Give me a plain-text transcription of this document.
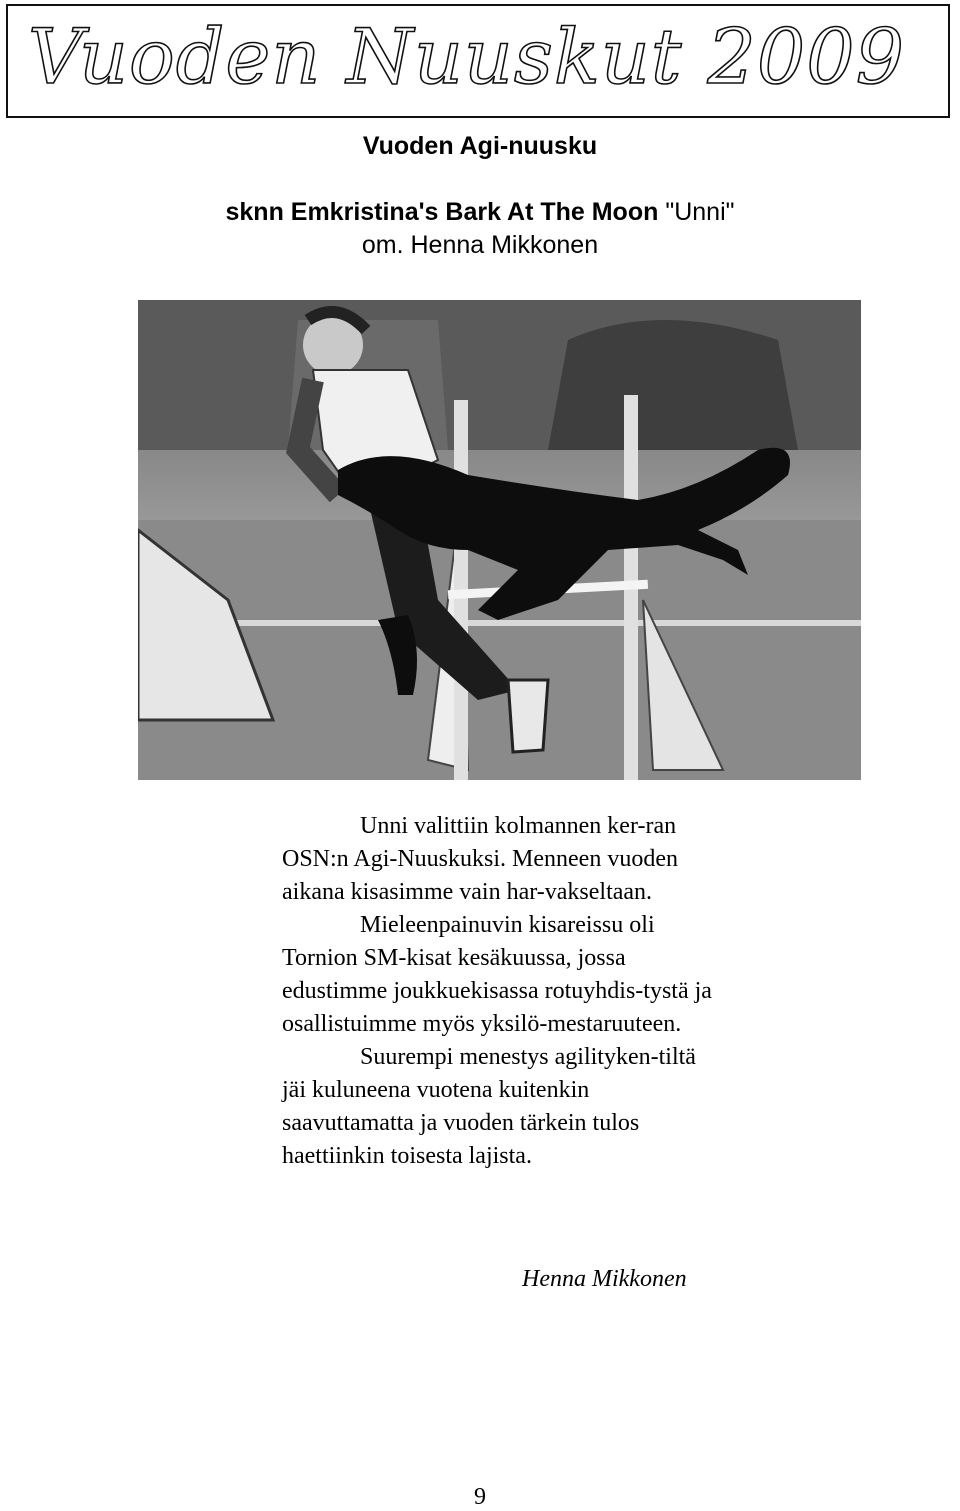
Vuoden Nuuskut 2009
Vuoden Agi-nuusku
sknn Emkristina's Bark At The Moon "Unni"
om. Henna Mikkonen

Unni valittiin kolmannen ker-ran OSN:n Agi-Nuuskuksi. Menneen vuoden aikana kisasimme vain har-vakseltaan.

Mieleenpainuvin kisareissu oli Tornion SM-kisat kesäkuussa, jossa edustimme joukkuekisassa rotuyhdis-tystä ja osallistuimme myös yksilö-mestaruuteen.

Suurempi menestys agilityken-tiltä jäi kuluneena vuotena kuitenkin saavuttamatta ja vuoden tärkein tulos haettiinkin toisesta lajista.

Henna Mikkonen
9
